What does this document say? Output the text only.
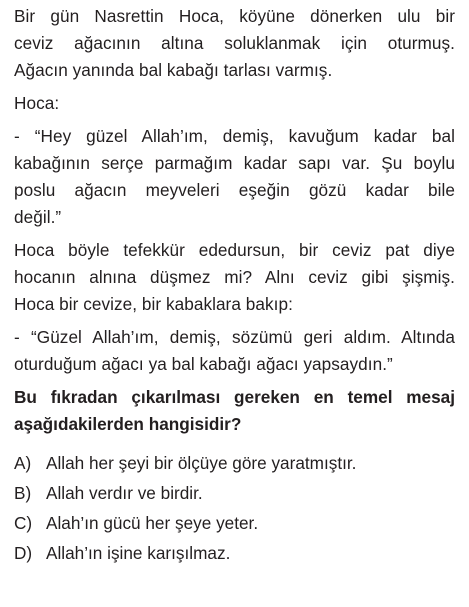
Bir gün Nasrettin Hoca, köyüne dönerken ulu bir
ceviz ağacının altına soluklanmak için oturmuş.
Ağacın yanında bal kabağı tarlası varmış.

Hoca:

- “Hey güzel Allah’ım, demiş, kavuğum kadar bal
kabağının serçe parmağım kadar sapı var. Şu boylu
poslu ağacın meyveleri eşeğin gözü kadar bile
değil.”

Hoca böyle tefekkür ededursun, bir ceviz pat diye
hocanın alnına düşmez mi? Alnı ceviz gibi şişmiş.
Hoca bir cevize, bir kabaklara bakıp:

- “Güzel Allah’ım, demiş, sözümü geri aldım. Altında
oturduğum ağacı ya bal kabağı ağacı yapsaydın.”

Bu fıkradan çıkarılması gereken en temel mesaj
aşağıdakilerden hangisidir?

A) Allah her şeyi bir ölçüye göre yaratmıştır.
B) Allah verdır ve birdir.
C) Alah’ın gücü her şeye yeter.
D) Allah’ın işine karışılmaz.
